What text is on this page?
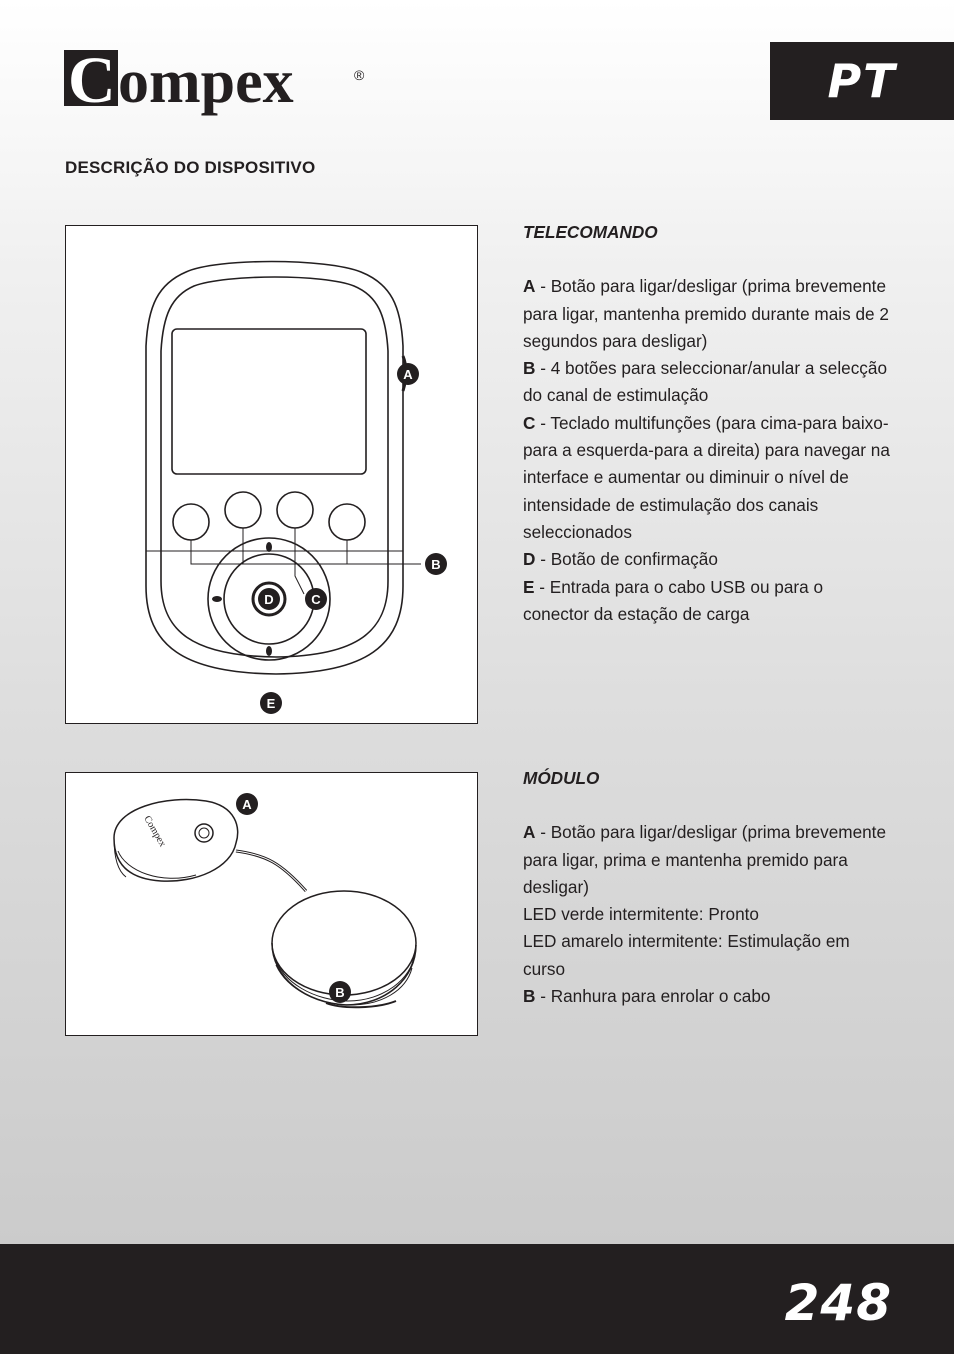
C ompex	®	PT
DESCRIÇÃO DO DISPOSITIVO
A
B
C
D
E
TELECOMANDO

A - Botão para ligar/desligar (prima brevemente para ligar, mantenha premido durante mais de 2 segundos para desligar)

B - 4 botões para seleccionar/anular a selecção do canal de estimulação

C - Teclado multifunções (para cima-para baixo-para a esquerda-para a direita) para navegar na interface e aumentar ou diminuir o nível de intensidade de estimulação dos canais seleccionados

D - Botão de confirmação

E - Entrada para o cabo USB ou para o conector da estação de carga

Compex
A
B
MÓDULO

A - Botão para ligar/desligar (prima brevemente para ligar, prima e mantenha premido para desligar)

LED verde intermitente: Pronto

LED amarelo intermitente: Estimulação em curso

B - Ranhura para enrolar o cabo

248
